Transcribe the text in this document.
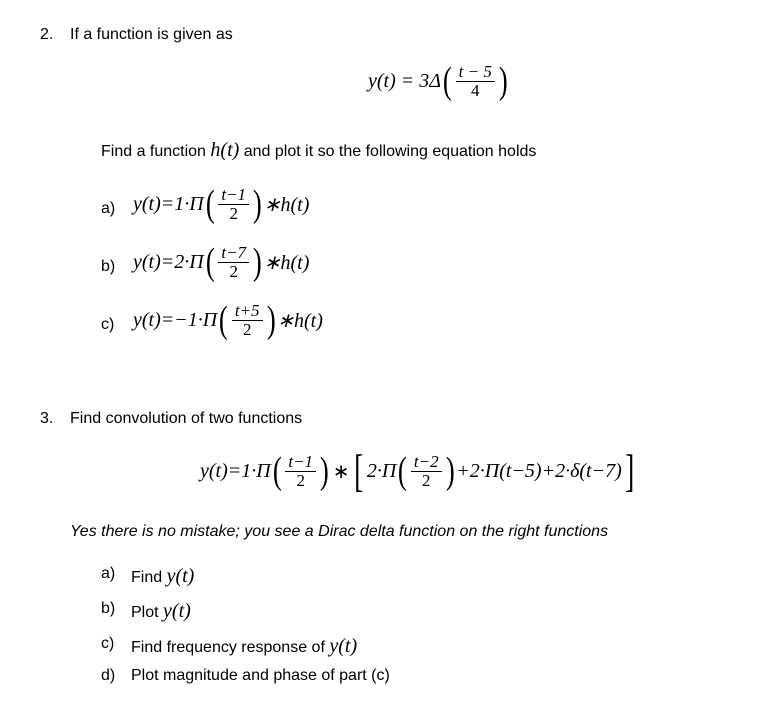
2. If a function is given as
y(t) = 3Δ ( $\frac{t - 5}{4}$ )
Find a function h(t) and plot it so the following equation holds
a) y(t)=1·Π ( $\frac{t-1}{2}$ ) ∗h(t)
b) y(t)=2·Π ( $\frac{t-7}{2}$ ) ∗h(t)
c) y(t)=−1·Π ( $\frac{t+5}{2}$ ) ∗h(t)
3. Find convolution of two functions
y(t)=1·Π ( $\frac{t-1}{2}$ ) ∗ [ 2·Π ( $\frac{t-2}{2}$ ) +2·Π(t−5)+2·δ(t−7) ]
Yes there is no mistake; you see a Dirac delta function on the right functions
a) Find y(t)
b) Plot y(t)
c) Find frequency response of y(t)
d) Plot magnitude and phase of part (c)
